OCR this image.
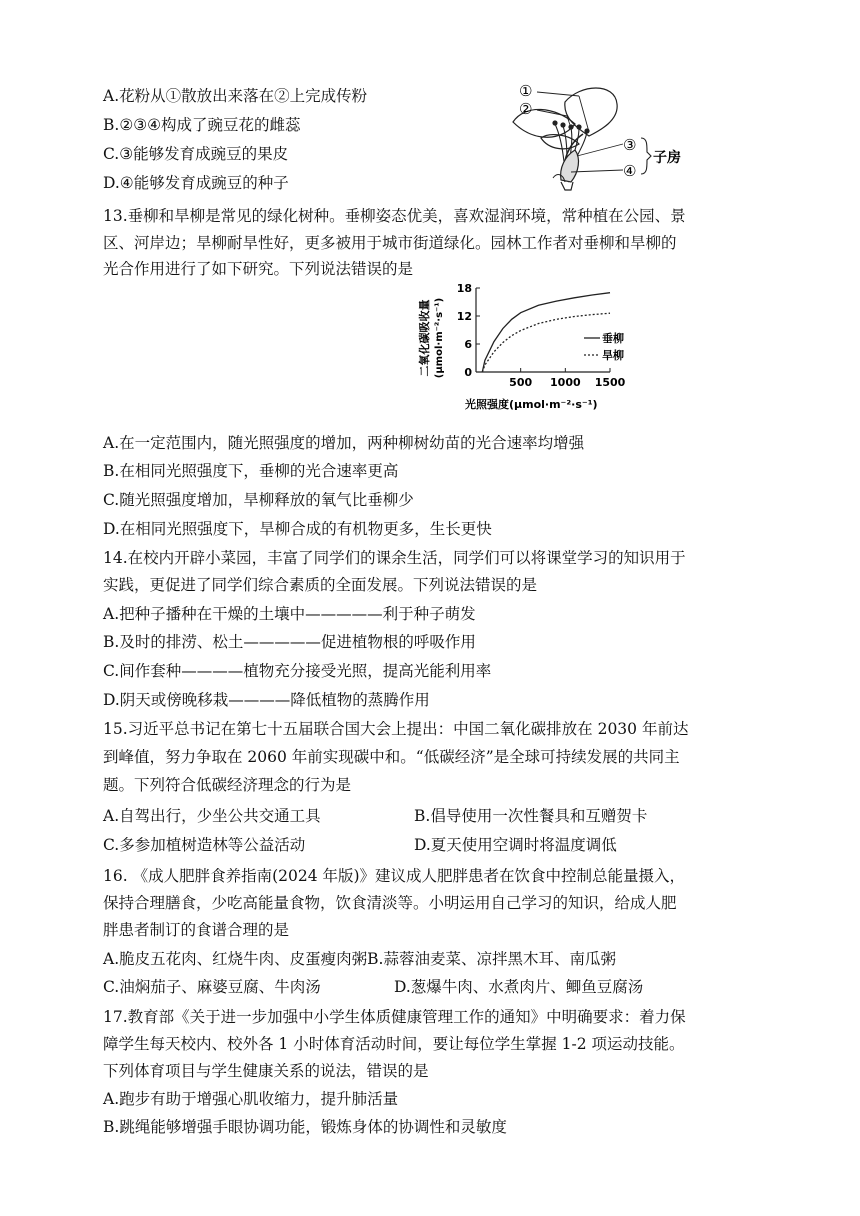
A.花粉从①散放出来落在②上完成传粉
B.②③④构成了豌豆花的雌蕊
C.③能够发育成豌豆的果皮
D.④能够发育成豌豆的种子
①
②
③
④
子房
13.垂柳和旱柳是常见的绿化树种。垂柳姿态优美，喜欢湿润环境，常种植在公园、景
区、河岸边；旱柳耐旱性好，更多被用于城市街道绿化。园林工作者对垂柳和旱柳的
光合作用进行了如下研究。下列说法错误的是
0
6
12
18
500 1000 1500
二氧化碳吸收量 (μmol·m⁻²·s⁻¹)
光照强度(μmol·m⁻²·s⁻¹)
垂柳
旱柳
A.在一定范围内，随光照强度的增加，两种柳树幼苗的光合速率均增强
B.在相同光照强度下，垂柳的光合速率更高
C.随光照强度增加，旱柳释放的氧气比垂柳少
D.在相同光照强度下，旱柳合成的有机物更多，生长更快
14.在校内开辟小菜园，丰富了同学们的课余生活，同学们可以将课堂学习的知识用于
实践，更促进了同学们综合素质的全面发展。下列说法错误的是
A.把种子播种在干燥的土壤中—————利于种子萌发
B.及时的排涝、松土—————促进植物根的呼吸作用
C.间作套种————植物充分接受光照，提高光能利用率
D.阴天或傍晚移栽————降低植物的蒸腾作用
15.习近平总书记在第七十五届联合国大会上提出：中国二氧化碳排放在 2030 年前达
到峰值，努力争取在 2060 年前实现碳中和。“低碳经济”是全球可持续发展的共同主
题。下列符合低碳经济理念的行为是
A.自驾出行，少坐公共交通工具	B.倡导使用一次性餐具和互赠贺卡
C.多参加植树造林等公益活动	D.夏天使用空调时将温度调低
16. 《成人肥胖食养指南(2024 年版)》建议成人肥胖患者在饮食中控制总能量摄入，
保持合理膳食，少吃高能量食物，饮食清淡等。小明运用自己学习的知识，给成人肥
胖患者制订的食谱合理的是
A.脆皮五花肉、红烧牛肉、皮蛋瘦肉粥B.蒜蓉油麦菜、凉拌黑木耳、南瓜粥
C.油焖茄子、麻婆豆腐、牛肉汤	D.葱爆牛肉、水煮肉片、鲫鱼豆腐汤
17.教育部《关于进一步加强中小学生体质健康管理工作的通知》中明确要求：着力保
障学生每天校内、校外各 1 小时体育活动时间，要让每位学生掌握 1-2 项运动技能。
下列体育项目与学生健康关系的说法，错误的是
A.跑步有助于增强心肌收缩力，提升肺活量
B.跳绳能够增强手眼协调功能，锻炼身体的协调性和灵敏度
